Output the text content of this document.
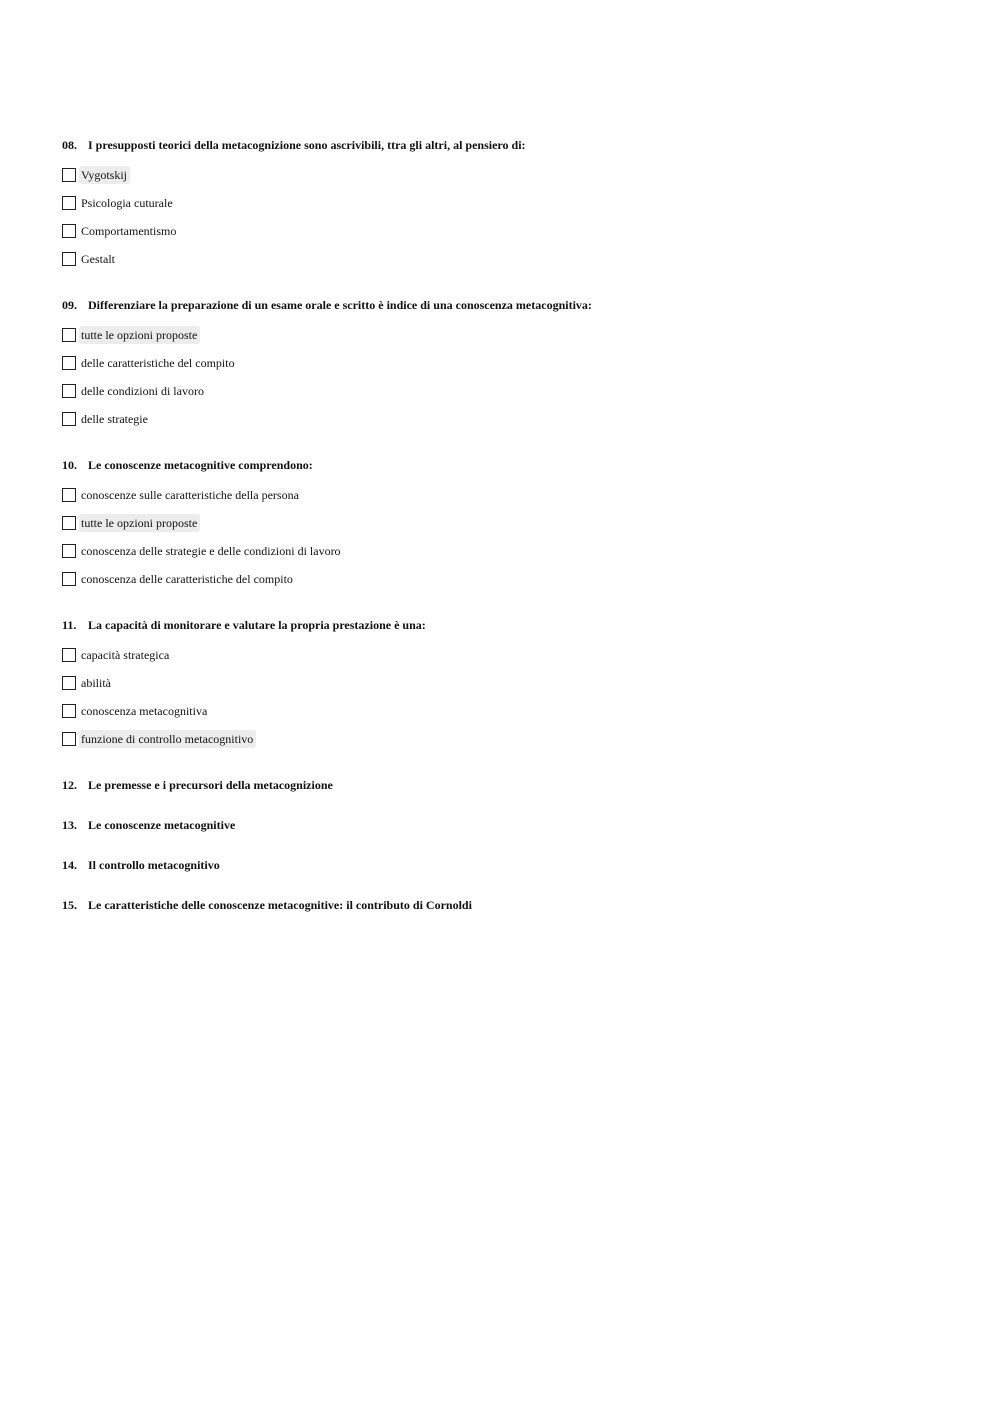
08. I presupposti teorici della metacognizione sono ascrivibili, ttra gli altri, al pensiero di:
Vygotskij
Psicologia cuturale
Comportamentismo
Gestalt
09. Differenziare la preparazione di un esame orale e scritto è indice di una conoscenza metacognitiva:
tutte le opzioni proposte
delle caratteristiche del compito
delle condizioni di lavoro
delle strategie
10. Le conoscenze metacognitive comprendono:
conoscenze sulle caratteristiche della persona
tutte le opzioni proposte
conoscenza delle strategie e delle condizioni di lavoro
conoscenza delle caratteristiche del compito
11. La capacità di monitorare e valutare la propria prestazione è una:
capacità strategica
abilità
conoscenza metacognitiva
funzione di controllo metacognitivo
12. Le premesse e i precursori della metacognizione
13. Le conoscenze metacognitive
14. Il controllo metacognitivo
15. Le caratteristiche delle conoscenze metacognitive: il contributo di Cornoldi
